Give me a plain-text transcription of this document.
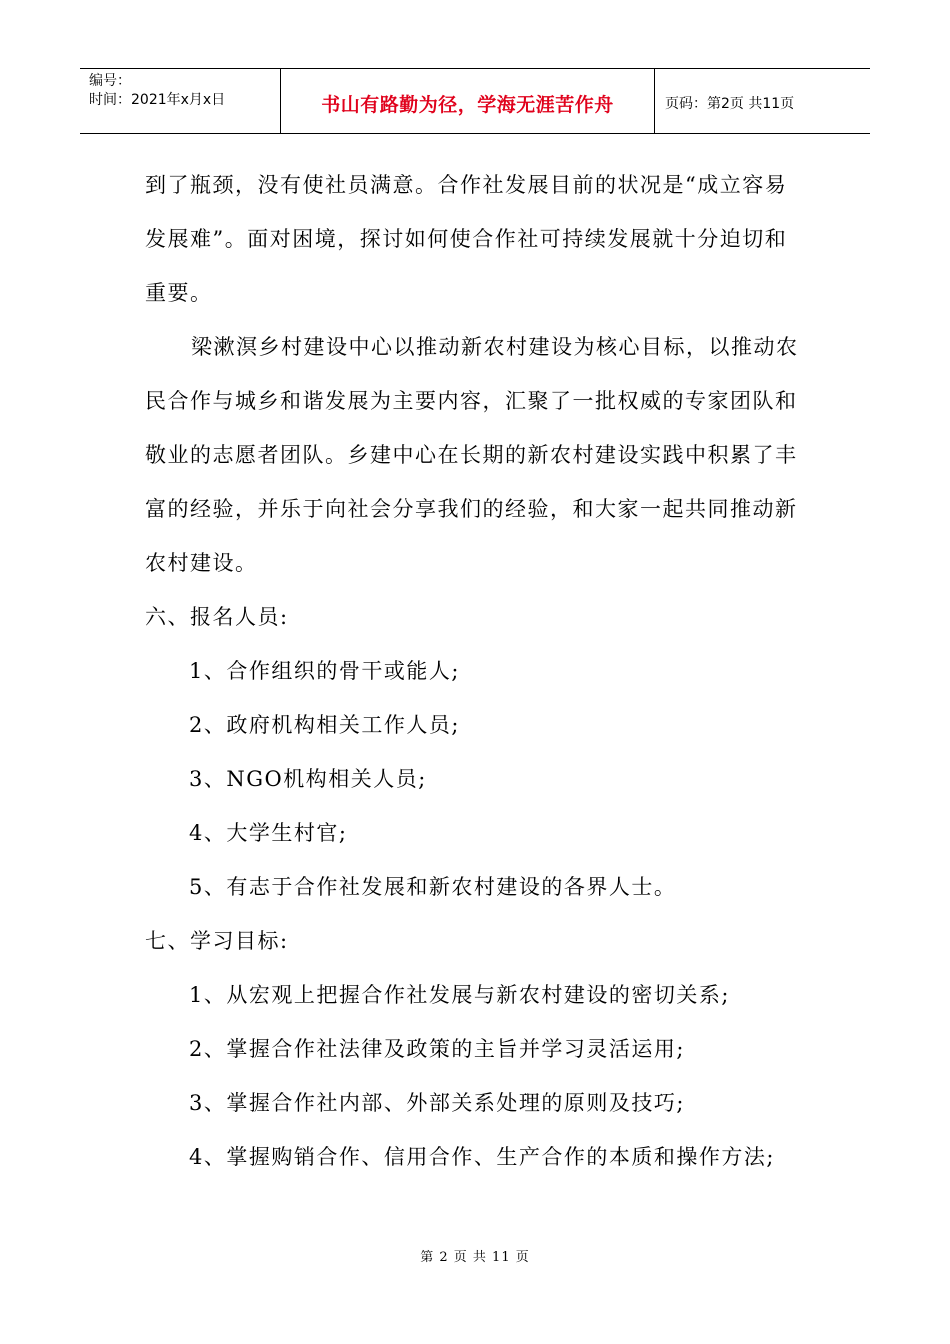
编号：
时间：2021年x月x日	书山有路勤为径，学海无涯苦作舟	页码：第2页 共11页
到了瓶颈，没有使社员满意。合作社发展目前的状况是“成立容易
发展难”。面对困境，探讨如何使合作社可持续发展就十分迫切和
重要。
梁漱溟乡村建设中心以推动新农村建设为核心目标，以推动农
民合作与城乡和谐发展为主要内容，汇聚了一批权威的专家团队和
敬业的志愿者团队。乡建中心在长期的新农村建设实践中积累了丰
富的经验，并乐于向社会分享我们的经验，和大家一起共同推动新
农村建设。
六、报名人员:
1、合作组织的骨干或能人;
2、政府机构相关工作人员;
3、NGO机构相关人员;
4、大学生村官;
5、有志于合作社发展和新农村建设的各界人士。
七、学习目标:
1、从宏观上把握合作社发展与新农村建设的密切关系;
2、掌握合作社法律及政策的主旨并学习灵活运用;
3、掌握合作社内部、外部关系处理的原则及技巧;
4、掌握购销合作、信用合作、生产合作的本质和操作方法;
第 2 页 共 11 页
